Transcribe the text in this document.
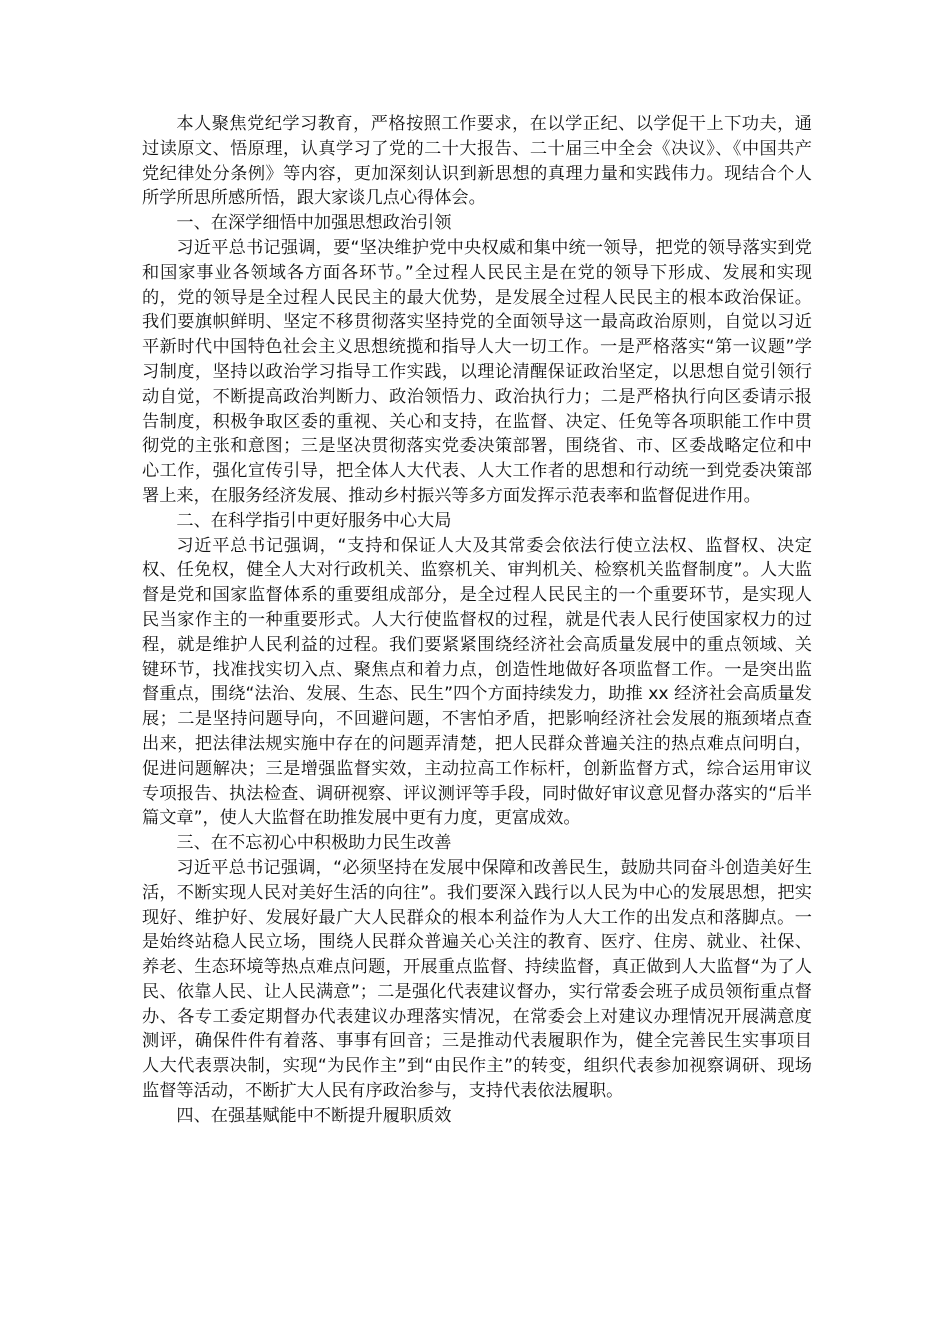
本人聚焦党纪学习教育，严格按照工作要求，在以学正纪、以学促干上下功夫，通过读原文、悟原理，认真学习了党的二十大报告、二十届三中全会《决议》、《中国共产党纪律处分条例》等内容，更加深刻认识到新思想的真理力量和实践伟力。现结合个人所学所思所感所悟，跟大家谈几点心得体会。

一、在深学细悟中加强思想政治引领

习近平总书记强调，要“坚决维护党中央权威和集中统一领导，把党的领导落实到党和国家事业各领域各方面各环节。”全过程人民民主是在党的领导下形成、发展和实现的，党的领导是全过程人民民主的最大优势，是发展全过程人民民主的根本政治保证。我们要旗帜鲜明、坚定不移贯彻落实坚持党的全面领导这一最高政治原则，自觉以习近平新时代中国特色社会主义思想统揽和指导人大一切工作。一是严格落实“第一议题”学习制度，坚持以政治学习指导工作实践，以理论清醒保证政治坚定，以思想自觉引领行动自觉，不断提高政治判断力、政治领悟力、政治执行力；二是严格执行向区委请示报告制度，积极争取区委的重视、关心和支持，在监督、决定、任免等各项职能工作中贯彻党的主张和意图；三是坚决贯彻落实党委决策部署，围绕省、市、区委战略定位和中心工作，强化宣传引导，把全体人大代表、人大工作者的思想和行动统一到党委决策部署上来，在服务经济发展、推动乡村振兴等多方面发挥示范表率和监督促进作用。

二、在科学指引中更好服务中心大局

习近平总书记强调，“支持和保证人大及其常委会依法行使立法权、监督权、决定权、任免权，健全人大对行政机关、监察机关、审判机关、检察机关监督制度”。人大监督是党和国家监督体系的重要组成部分，是全过程人民民主的一个重要环节，是实现人民当家作主的一种重要形式。人大行使监督权的过程，就是代表人民行使国家权力的过程，就是维护人民利益的过程。我们要紧紧围绕经济社会高质量发展中的重点领域、关键环节，找准找实切入点、聚焦点和着力点，创造性地做好各项监督工作。一是突出监督重点，围绕“法治、发展、生态、民生”四个方面持续发力，助推 xx 经济社会高质量发展；二是坚持问题导向，不回避问题，不害怕矛盾，把影响经济社会发展的瓶颈堵点查出来，把法律法规实施中存在的问题弄清楚，把人民群众普遍关注的热点难点问明白，促进问题解决；三是增强监督实效，主动拉高工作标杆，创新监督方式，综合运用审议专项报告、执法检查、调研视察、评议测评等手段，同时做好审议意见督办落实的“后半篇文章”，使人大监督在助推发展中更有力度，更富成效。

三、在不忘初心中积极助力民生改善

习近平总书记强调，“必须坚持在发展中保障和改善民生，鼓励共同奋斗创造美好生活，不断实现人民对美好生活的向往”。我们要深入践行以人民为中心的发展思想，把实现好、维护好、发展好最广大人民群众的根本利益作为人大工作的出发点和落脚点。一是始终站稳人民立场，围绕人民群众普遍关心关注的教育、医疗、住房、就业、社保、养老、生态环境等热点难点问题，开展重点监督、持续监督，真正做到人大监督“为了人民、依靠人民、让人民满意”；二是强化代表建议督办，实行常委会班子成员领衔重点督办、各专工委定期督办代表建议办理落实情况，在常委会上对建议办理情况开展满意度测评，确保件件有着落、事事有回音；三是推动代表履职作为，健全完善民生实事项目人大代表票决制，实现“为民作主”到“由民作主”的转变，组织代表参加视察调研、现场监督等活动，不断扩大人民有序政治参与，支持代表依法履职。

四、在强基赋能中不断提升履职质效
